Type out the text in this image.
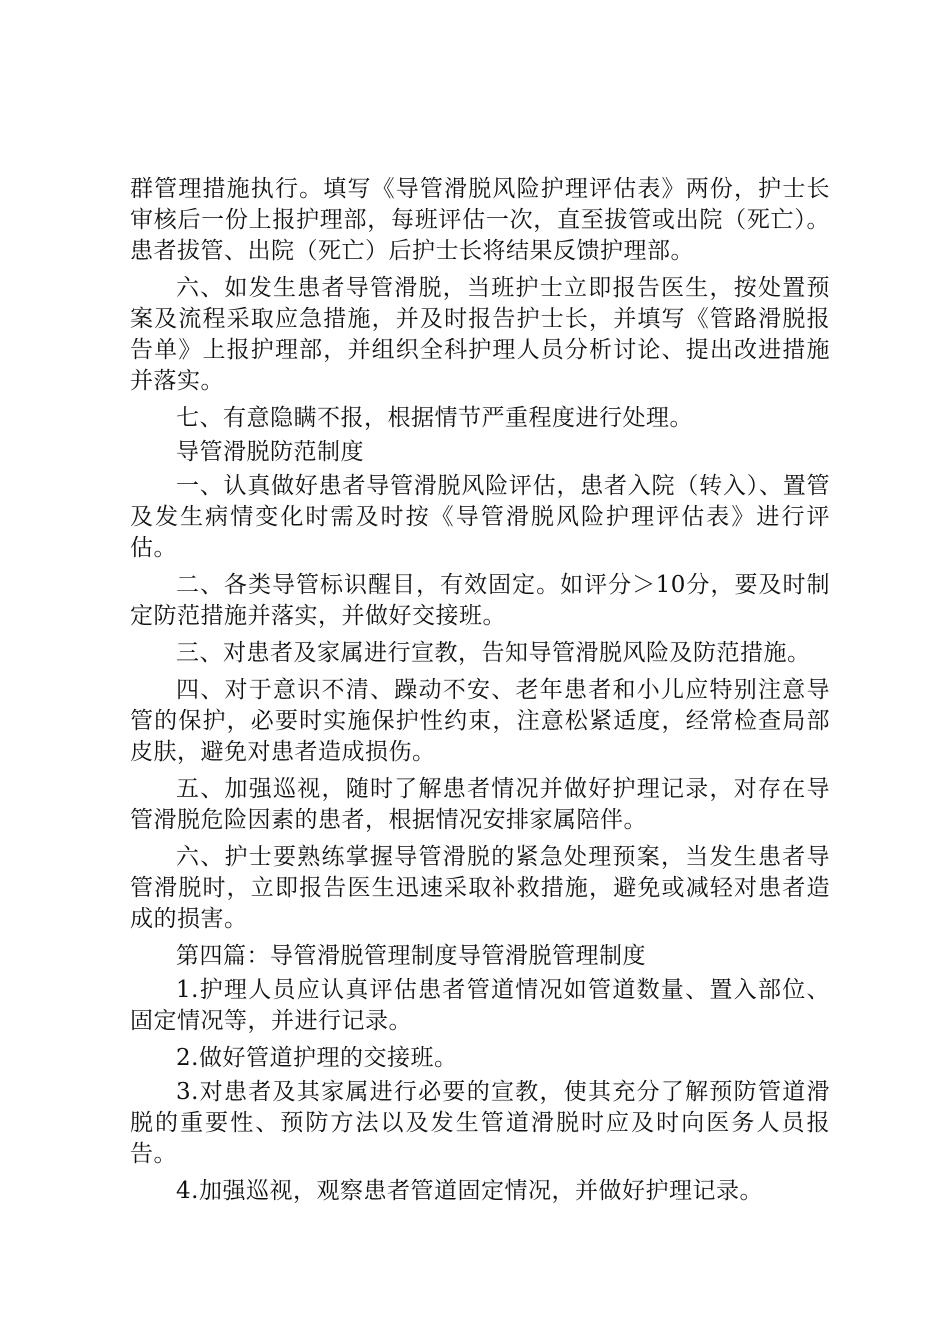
群管理措施执行。填写《导管滑脱风险护理评估表》两份，护士长审核后一份上报护理部，每班评估一次，直至拔管或出院（死亡）。患者拔管、出院（死亡）后护士长将结果反馈护理部。

六、如发生患者导管滑脱，当班护士立即报告医生，按处置预案及流程采取应急措施，并及时报告护士长，并填写《管路滑脱报告单》上报护理部，并组织全科护理人员分析讨论、提出改进措施并落实。

七、有意隐瞒不报，根据情节严重程度进行处理。

导管滑脱防范制度

一、认真做好患者导管滑脱风险评估，患者入院（转入）、置管及发生病情变化时需及时按《导管滑脱风险护理评估表》进行评估。

二、各类导管标识醒目，有效固定。如评分＞10分，要及时制定防范措施并落实，并做好交接班。

三、对患者及家属进行宣教，告知导管滑脱风险及防范措施。

四、对于意识不清、躁动不安、老年患者和小儿应特别注意导管的保护，必要时实施保护性约束，注意松紧适度，经常检查局部皮肤，避免对患者造成损伤。

五、加强巡视，随时了解患者情况并做好护理记录，对存在导管滑脱危险因素的患者，根据情况安排家属陪伴。

六、护士要熟练掌握导管滑脱的紧急处理预案，当发生患者导管滑脱时，立即报告医生迅速采取补救措施，避免或减轻对患者造成的损害。

第四篇：导管滑脱管理制度导管滑脱管理制度

1.护理人员应认真评估患者管道情况如管道数量、置入部位、固定情况等，并进行记录。

2.做好管道护理的交接班。

3.对患者及其家属进行必要的宣教，使其充分了解预防管道滑脱的重要性、预防方法以及发生管道滑脱时应及时向医务人员报告。

4.加强巡视，观察患者管道固定情况，并做好护理记录。
